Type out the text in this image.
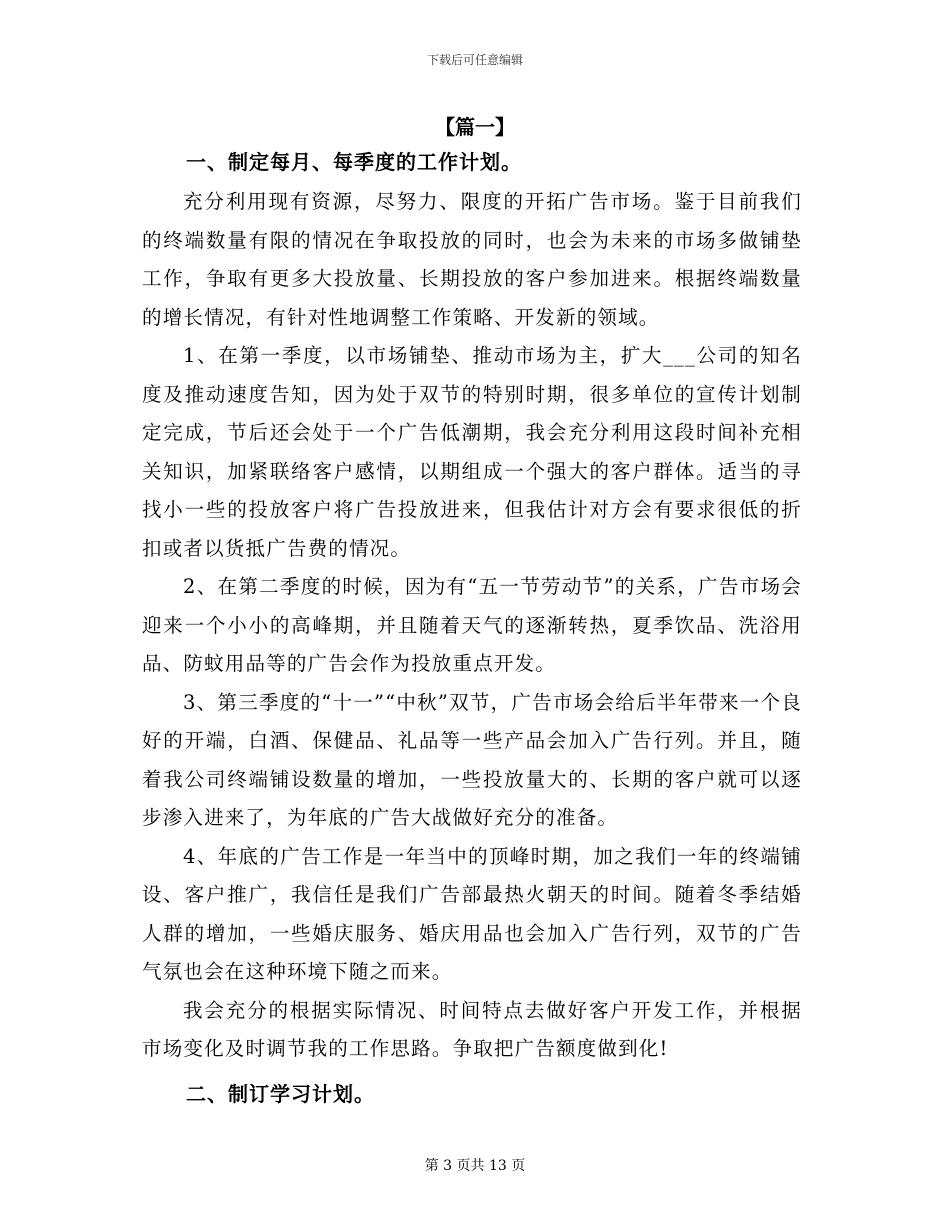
下载后可任意编辑
【篇一】

一、制定每月、每季度的工作计划。

充分利用现有资源，尽努力、限度的开拓广告市场。鉴于目前我们的终端数量有限的情况在争取投放的同时，也会为未来的市场多做铺垫工作，争取有更多大投放量、长期投放的客户参加进来。根据终端数量的增长情况，有针对性地调整工作策略、开发新的领域。

1、在第一季度，以市场铺垫、推动市场为主，扩大___公司的知名度及推动速度告知，因为处于双节的特别时期，很多单位的宣传计划制定完成，节后还会处于一个广告低潮期，我会充分利用这段时间补充相关知识，加紧联络客户感情，以期组成一个强大的客户群体。适当的寻找小一些的投放客户将广告投放进来，但我估计对方会有要求很低的折扣或者以货抵广告费的情况。

2、在第二季度的时候，因为有“五一节劳动节”的关系，广告市场会迎来一个小小的高峰期，并且随着天气的逐渐转热，夏季饮品、洗浴用品、防蚊用品等的广告会作为投放重点开发。

3、第三季度的“十一”“中秋”双节，广告市场会给后半年带来一个良好的开端，白酒、保健品、礼品等一些产品会加入广告行列。并且，随着我公司终端铺设数量的增加，一些投放量大的、长期的客户就可以逐步渗入进来了，为年底的广告大战做好充分的准备。

4、年底的广告工作是一年当中的顶峰时期，加之我们一年的终端铺设、客户推广，我信任是我们广告部最热火朝天的时间。随着冬季结婚人群的增加，一些婚庆服务、婚庆用品也会加入广告行列，双节的广告气氛也会在这种环境下随之而来。

我会充分的根据实际情况、时间特点去做好客户开发工作，并根据市场变化及时调节我的工作思路。争取把广告额度做到化!

二、制订学习计划。

第 3 页共 13 页
